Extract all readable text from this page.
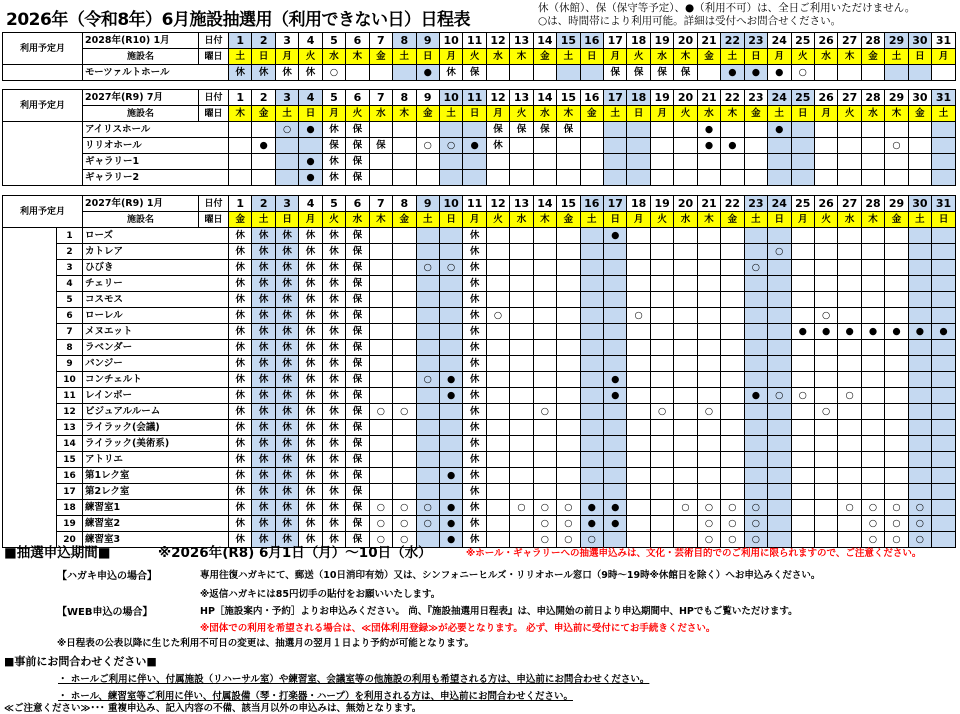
2026年（令和8年）6月施設抽選用（利用できない日）日程表
休（休館）、保（保守等予定）、●（利用不可）は、全日ご利用いただけません。
○は、時間帯により利用可能。詳細は受付へお問合せください。
利用予定月	2028年(R10) 1月	日付	1	2	3	4	5	6	7	8	9	10	11	12	13	14	15	16	17	18	19	20	21	22	23	24	25	26	27	28	29	30	31
	施設名	曜日	土	日	月	火	水	木	金	土	日	月	火	水	木	金	土	日	月	火	水	木	金	土	日	月	火	水	木	金	土	日	月
	モーツァルトホール		休	休	休	休	○				●	休	保						保	保	保	保		●	●	●	○						
利用予定月	2027年(R9) 7月	日付	1	2	3	4	5	6	7	8	9	10	11	12	13	14	15	16	17	18	19	20	21	22	23	24	25	26	27	28	29	30	31
	施設名	曜日	木	金	土	日	月	火	水	木	金	土	日	月	火	水	木	金	土	日	月	火	水	木	金	土	日	月	火	水	木	金	土
	アイリスホール				○	●	休	保						保	保	保	保						●			●							
	リリオホール			●			保	保	保		○	○	●	休									●	●							○		
	ギャラリー1					●	休	保																									
	ギャラリー2					●	休	保																									
利用予定月		2027年(R9) 1月	日付	1	2	3	4	5	6	7	8	9	10	11	12	13	14	15	16	17	18	19	20	21	22	23	24	25	26	27	28	29	30	31
		施設名	曜日	金	土	日	月	火	水	木	金	土	日	月	火	水	木	金	土	日	月	火	水	木	金	土	日	月	火	水	木	金	土	日
	1	ローズ		休	休	休	休	休	保					休						●														
	2	カトレア		休	休	休	休	休	保					休													○							
	3	ひびき		休	休	休	休	休	保			○	○	休												○								
	4	チェリー		休	休	休	休	休	保					休																				
	5	コスモス		休	休	休	休	休	保					休																				
	6	ローレル		休	休	休	休	休	保					休	○						○								○					
	7	メヌエット		休	休	休	休	休	保					休														●	●	●	●	●	●	●
	8	ラベンダー		休	休	休	休	休	保					休																				
	9	パンジー		休	休	休	休	休	保					休																				
	10	コンチェルト		休	休	休	休	休	保			○	●	休						●														
	11	レインボー		休	休	休	休	休	保				●	休						●						●	○	○		○				
	12	ビジュアルルーム		休	休	休	休	休	保	○	○			休			○					○		○					○					
	13	ライラック(会議)		休	休	休	休	休	保					休																				
	14	ライラック(美術系)		休	休	休	休	休	保					休																				
	15	アトリエ		休	休	休	休	休	保					休																				
	16	第1レク室		休	休	休	休	休	保				●	休																				
	17	第2レク室		休	休	休	休	休	保					休																				
	18	練習室1		休	休	休	休	休	保	○	○	○	●	休		○	○	○	●	●			○	○	○	○				○	○	○	○	
	19	練習室2		休	休	休	休	休	保	○	○	○	●	休			○	○	●	●				○	○	○					○	○	○	
	20	練習室3		休	休	休	休	休	保	○	○		●	休			○	○	○					○	○	○					○	○	○	
■抽選申込期間■	※2026年(R8) 6月1日（月）～10日（水）	※ホール・ギャラリーへの抽選申込みは、文化・芸術目的でのご利用に限られますので、ご注意ください。
【ハガキ申込の場合】	専用往復ハガキにて、郵送（10日消印有効）又は、シンフォニーヒルズ・リリオホール窓口（9時～19時※休館日を除く）へお申込みください。
※返信ハガキには85円切手の貼付をお願いいたします。
【WEB申込の場合】	HP［施設案内・予約］よりお申込みください。 尚、『施設抽選用日程表』は、申込開始の前日より申込期間中、HPでもご覧いただけます。
※団体での利用を希望される場合は、≪団体利用登録≫が必要となります。 必ず、申込前に受付にてお手続きください。
※日程表の公表以降に生じた利用不可日の変更は、抽選月の翌月１日より予約が可能となります。
■事前にお問合わせください■
・ ホールご利用に伴い、付属施設（リハーサル室）や練習室、会議室等の他施設の利用も希望される方は、申込前にお問合わせください。
・ ホール、練習室等ご利用に伴い、付属設備（琴・打楽器・ハープ）を利用される方は、申込前にお問合わせください。
≪ご注意ください≫･･･ 重複申込み、記入内容の不備、該当月以外の申込みは、無効となります。
